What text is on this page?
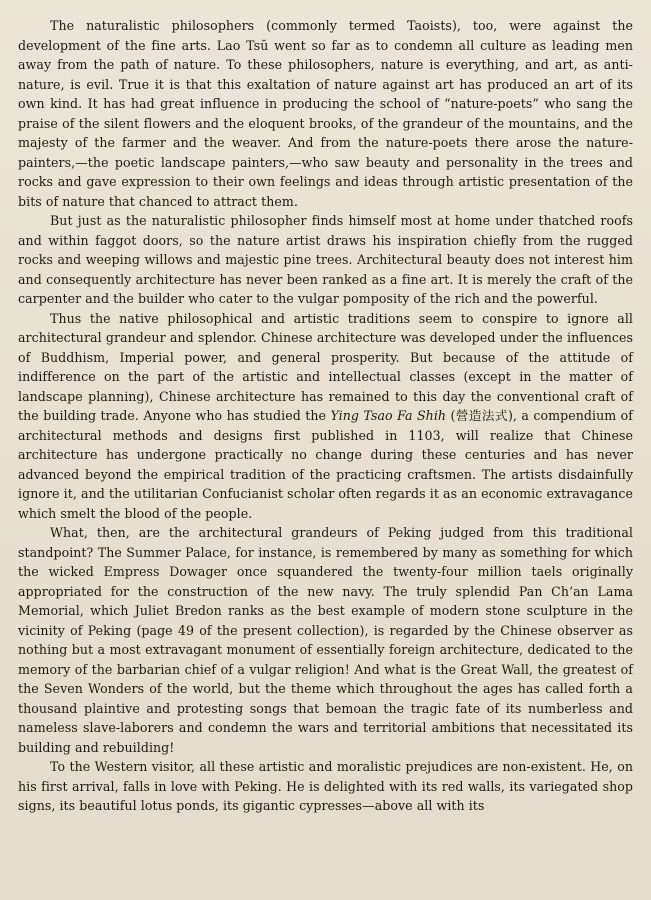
The naturalistic philosophers (commonly termed Taoists), too, were against the development of the fine arts. Lao Tsŭ went so far as to condemn all culture as leading men away from the path of nature. To these philosophers, nature is everything, and art, as anti-nature, is evil. True it is that this exaltation of nature against art has produced an art of its own kind. It has had great influence in producing the school of “nature-poets” who sang the praise of the silent flowers and the eloquent brooks, of the grandeur of the mountains, and the majesty of the farmer and the weaver. And from the nature-poets there arose the nature-painters,—the poetic landscape painters,—who saw beauty and personality in the trees and rocks and gave expression to their own feelings and ideas through artistic presentation of the bits of nature that chanced to attract them.

But just as the naturalistic philosopher finds himself most at home under thatched roofs and within faggot doors, so the nature artist draws his inspiration chiefly from the rugged rocks and weeping willows and majestic pine trees. Architectural beauty does not interest him and consequently architecture has never been ranked as a fine art. It is merely the craft of the carpenter and the builder who cater to the vulgar pomposity of the rich and the powerful.

Thus the native philosophical and artistic traditions seem to conspire to ignore all architectural grandeur and splendor. Chinese architecture was developed under the influences of Buddhism, Imperial power, and general prosperity. But because of the attitude of indifference on the part of the artistic and intellectual classes (except in the matter of landscape planning), Chinese architecture has remained to this day the conventional craft of the building trade. Anyone who has studied the Ying Tsao Fa Shih (營造法式), a compendium of architectural methods and designs first published in 1103, will realize that Chinese architecture has undergone practically no change during these centuries and has never advanced beyond the empirical tradition of the practicing craftsmen. The artists disdainfully ignore it, and the utilitarian Confucianist scholar often regards it as an economic extravagance which smelt the blood of the people.

What, then, are the architectural grandeurs of Peking judged from this traditional standpoint? The Summer Palace, for instance, is remembered by many as something for which the wicked Empress Dowager once squandered the twenty-four million taels originally appropriated for the construction of the new navy. The truly splendid Pan Ch‘an Lama Memorial, which Juliet Bredon ranks as the best example of modern stone sculpture in the vicinity of Peking (page 49 of the present collection), is regarded by the Chinese observer as nothing but a most extravagant monument of essentially foreign architecture, dedicated to the memory of the barbarian chief of a vulgar religion! And what is the Great Wall, the greatest of the Seven Wonders of the world, but the theme which throughout the ages has called forth a thousand plaintive and protesting songs that bemoan the tragic fate of its numberless and nameless slave-laborers and condemn the wars and territorial ambitions that necessitated its building and rebuilding!

To the Western visitor, all these artistic and moralistic prejudices are non-existent. He, on his first arrival, falls in love with Peking. He is delighted with its red walls, its variegated shop signs, its beautiful lotus ponds, its gigantic cypresses—above all with its
